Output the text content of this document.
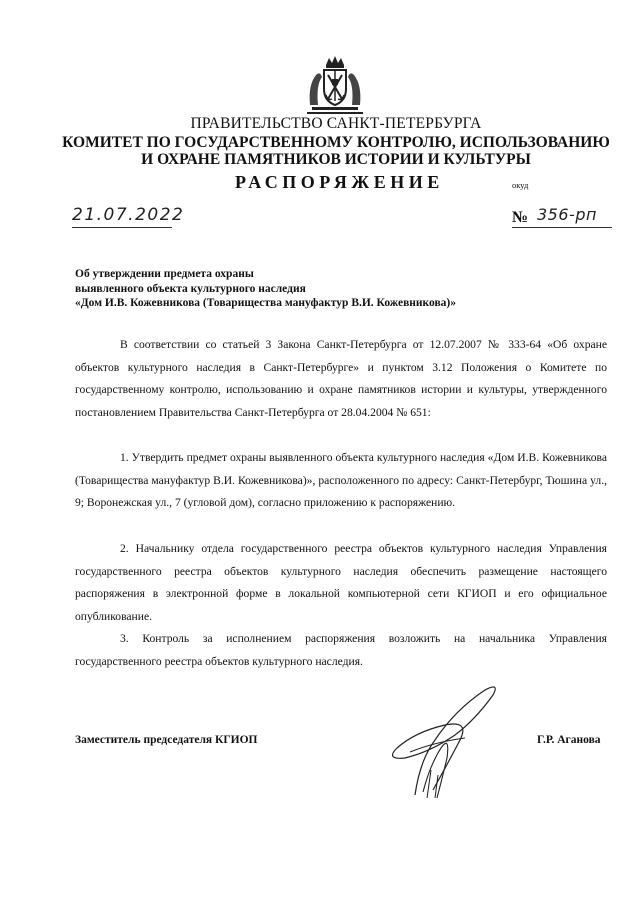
ПРАВИТЕЛЬСТВО САНКТ-ПЕТЕРБУРГА
КОМИТЕТ ПО ГОСУДАРСТВЕННОМУ КОНТРОЛЮ, ИСПОЛЬЗОВАНИЮ
И ОХРАНЕ ПАМЯТНИКОВ ИСТОРИИ И КУЛЬТУРЫ
РАСПОРЯЖЕНИЕ	окуд
21.07.2022	№ 356-рп
Об утверждении предмета охраны
выявленного объекта культурного наследия
«Дом И.В. Кожевникова (Товарищества мануфактур В.И. Кожевникова)»

В соответствии со статьей 3 Закона Санкт-Петербурга от 12.07.2007 № 333-64 «Об охране объектов культурного наследия в Санкт-Петербурге» и пунктом 3.12 Положения о Комитете по государственному контролю, использованию и охране памятников истории и культуры, утвержденного постановлением Правительства Санкт-Петербурга от 28.04.2004 № 651:

1. Утвердить предмет охраны выявленного объекта культурного наследия «Дом И.В. Кожевникова (Товарищества мануфактур В.И. Кожевникова)», расположенного по адресу: Санкт-Петербург, Тюшина ул., 9; Воронежская ул., 7 (угловой дом), согласно приложению к распоряжению.

2. Начальнику отдела государственного реестра объектов культурного наследия Управления государственного реестра объектов культурного наследия обеспечить размещение настоящего распоряжения в электронной форме в локальной компьютерной сети КГИОП и его официальное опубликование.

3. Контроль за исполнением распоряжения возложить на начальника Управления государственного реестра объектов культурного наследия.

Заместитель председателя КГИОП	Г.Р. Аганова
